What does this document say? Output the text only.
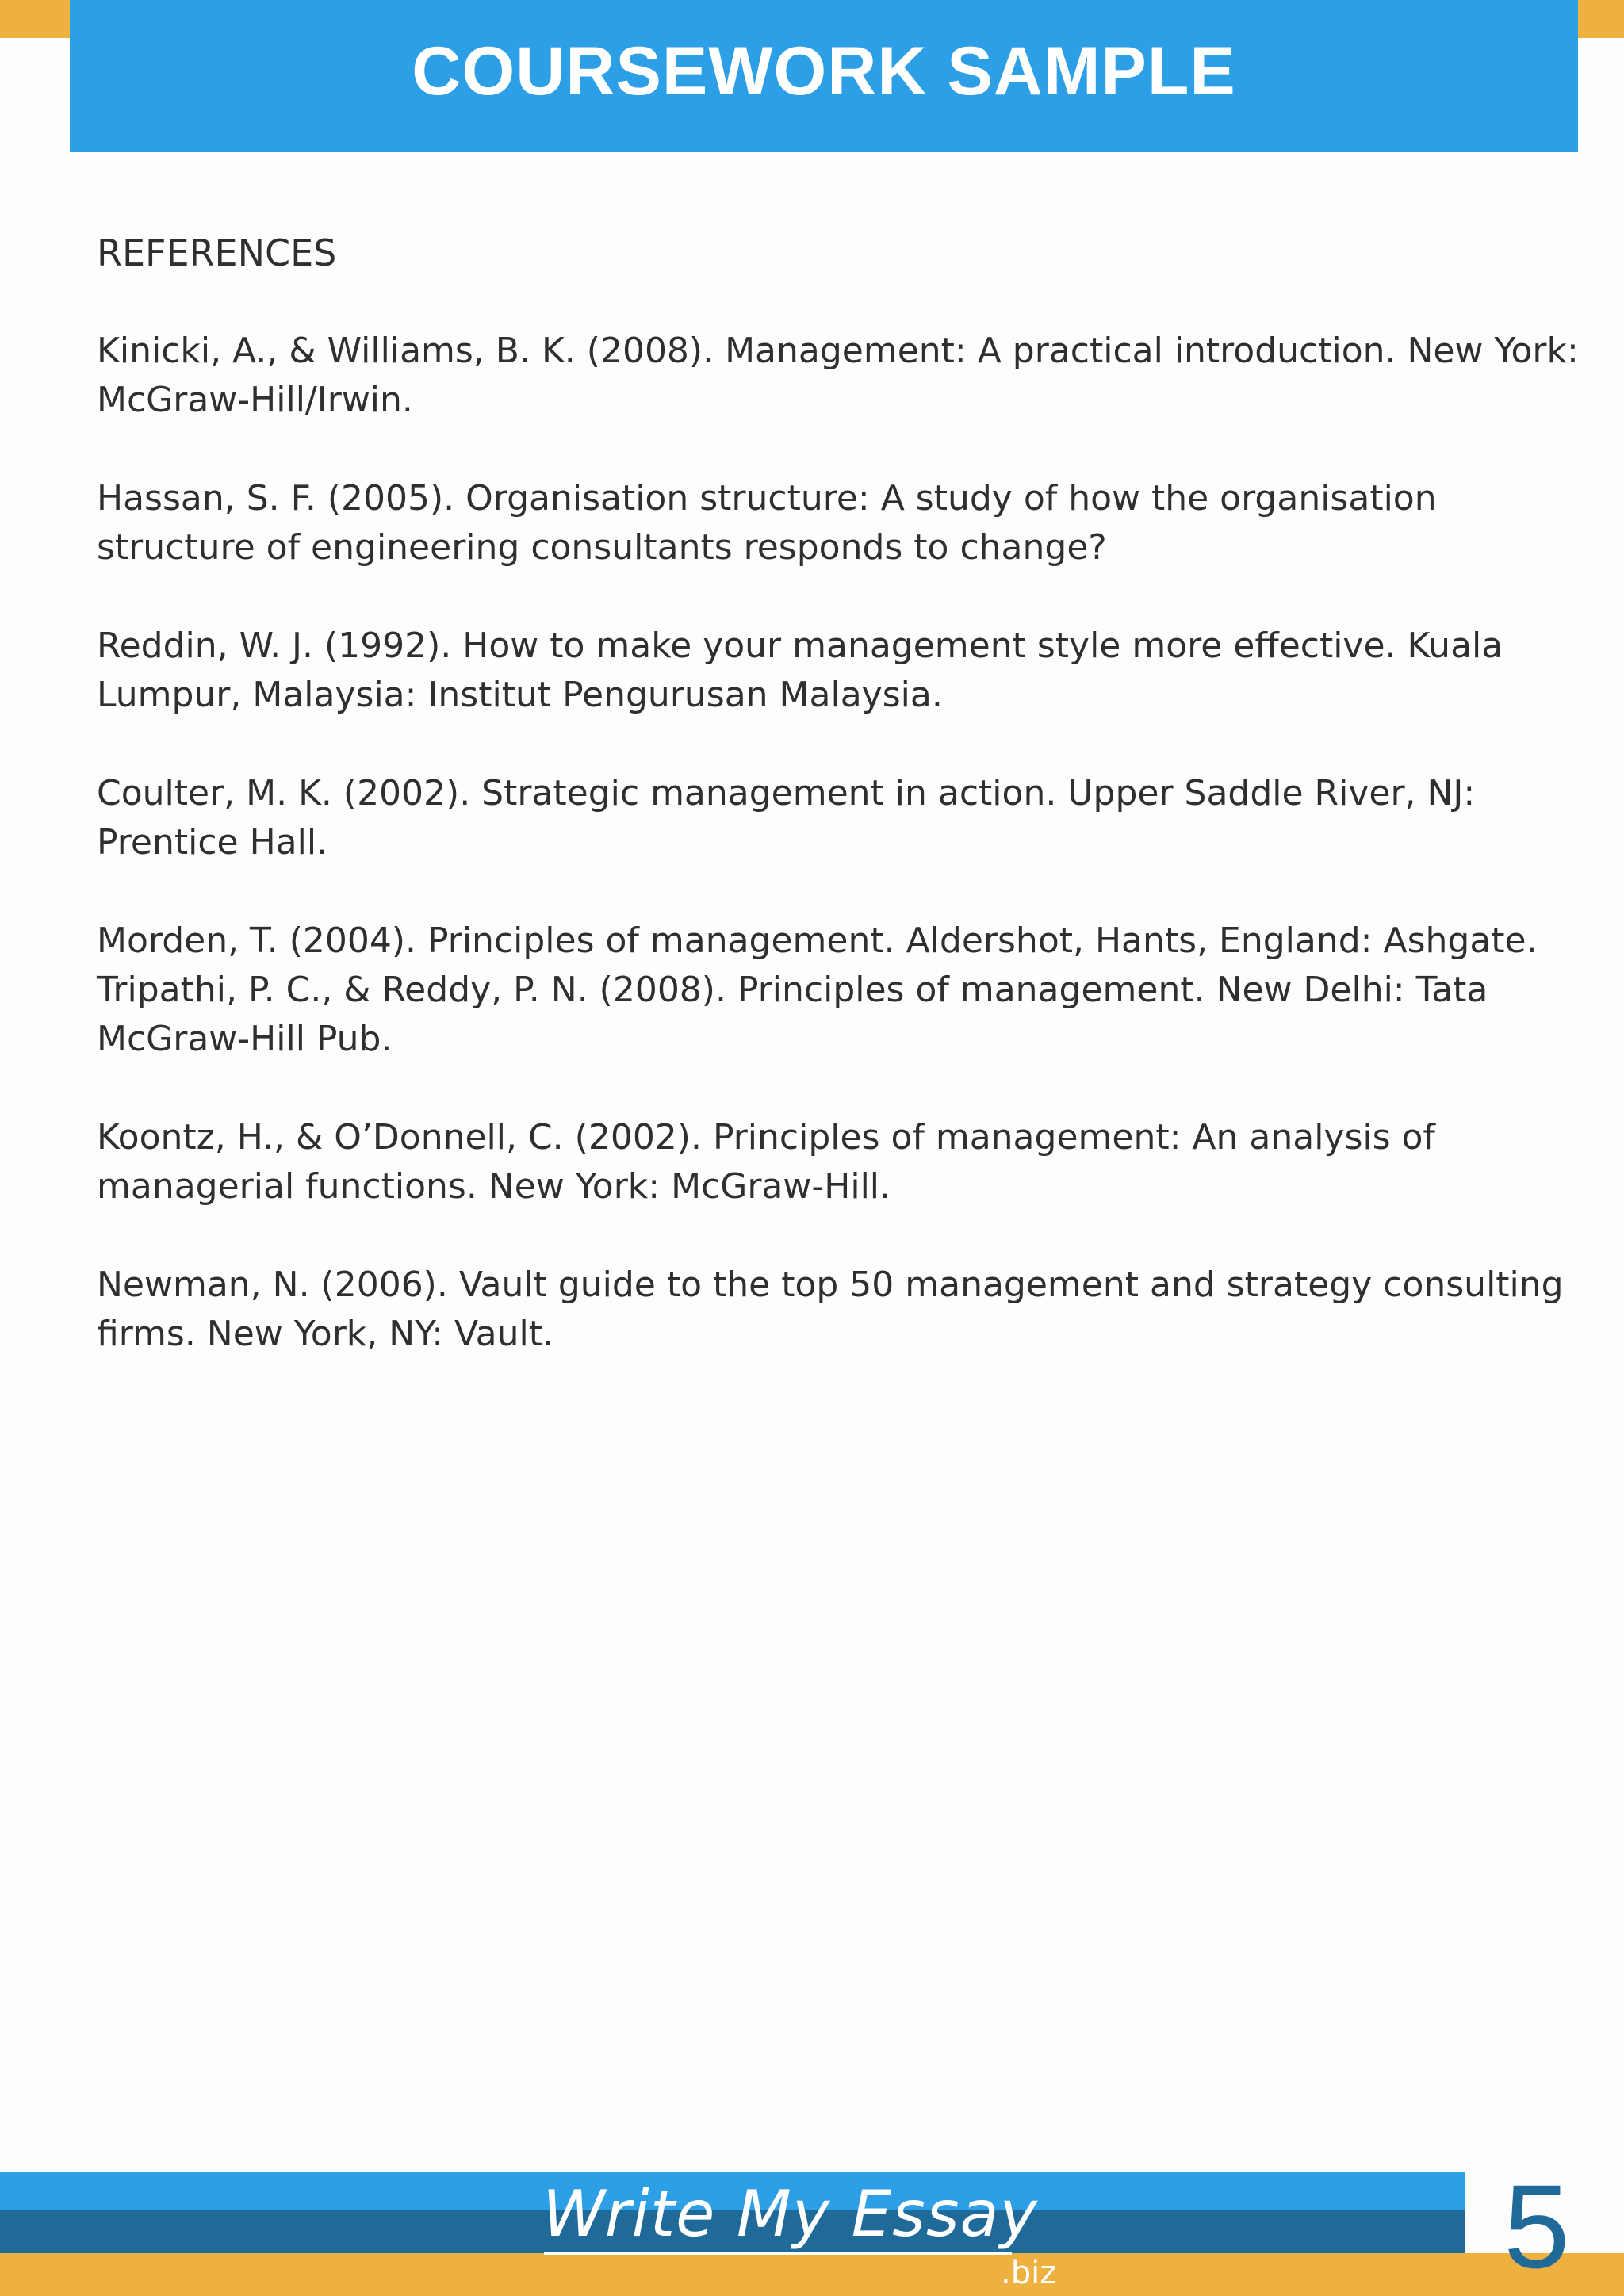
COURSEWORK SAMPLE

REFERENCES

Kinicki, A., & Williams, B. K. (2008). Management: A practical introduction. New York:
McGraw-Hill/Irwin.

Hassan, S. F. (2005). Organisation structure: A study of how the organisation
structure of engineering consultants responds to change?

Reddin, W. J. (1992). How to make your management style more effective. Kuala
Lumpur, Malaysia: Institut Pengurusan Malaysia.

Coulter, M. K. (2002). Strategic management in action. Upper Saddle River, NJ:
Prentice Hall.

Morden, T. (2004). Principles of management. Aldershot, Hants, England: Ashgate.
Tripathi, P. C., & Reddy, P. N. (2008). Principles of management. New Delhi: Tata
McGraw-Hill Pub.

Koontz, H., & O’Donnell, C. (2002). Principles of management: An analysis of
managerial functions. New York: McGraw-Hill.

Newman, N. (2006). Vault guide to the top 50 management and strategy consulting
firms. New York, NY: Vault.

Write My Essay
.biz	5
